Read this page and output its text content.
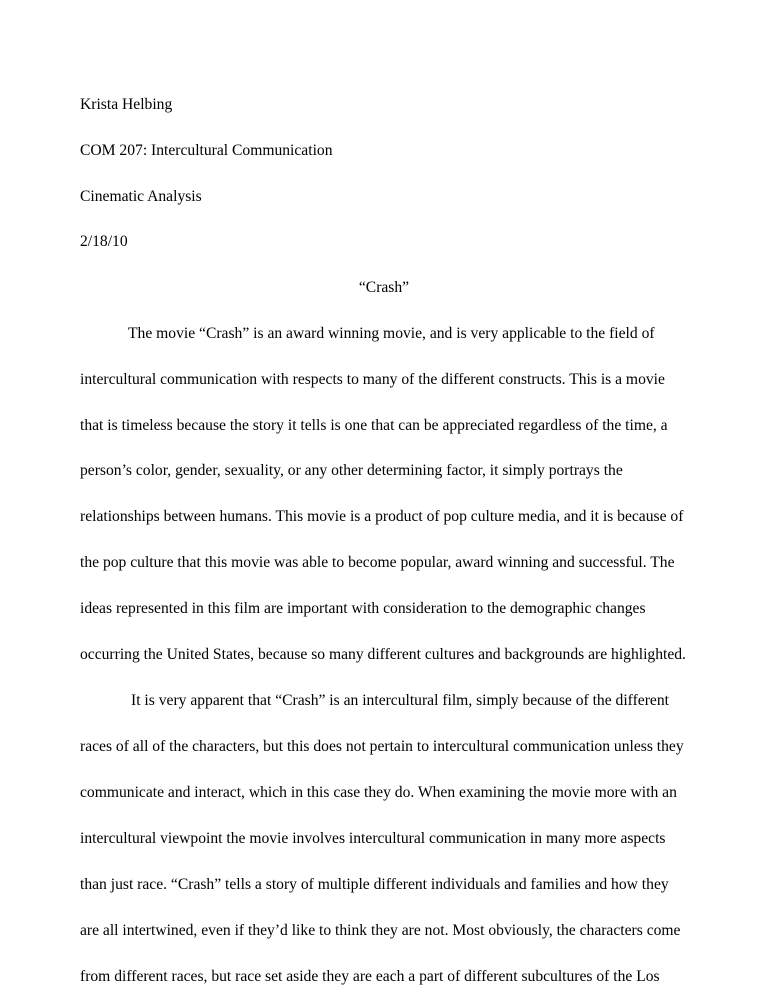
Krista Helbing
COM 207: Intercultural Communication
Cinematic Analysis
2/18/10
“Crash”
The movie “Crash” is an award winning movie, and is very applicable to the field of
intercultural communication with respects to many of the different constructs. This is a movie
that is timeless because the story it tells is one that can be appreciated regardless of the time, a
person’s color, gender, sexuality, or any other determining factor, it simply portrays the
relationships between humans. This movie is a product of pop culture media, and it is because of
the pop culture that this movie was able to become popular, award winning and successful. The
ideas represented in this film are important with consideration to the demographic changes
occurring the United States, because so many different cultures and backgrounds are highlighted.
It is very apparent that “Crash” is an intercultural film, simply because of the different
races of all of the characters, but this does not pertain to intercultural communication unless they
communicate and interact, which in this case they do. When examining the movie more with an
intercultural viewpoint the movie involves intercultural communication in many more aspects
than just race. “Crash” tells a story of multiple different individuals and families and how they
are all intertwined, even if they’d like to think they are not. Most obviously, the characters come
from different races, but race set aside they are each a part of different subcultures of the Los
